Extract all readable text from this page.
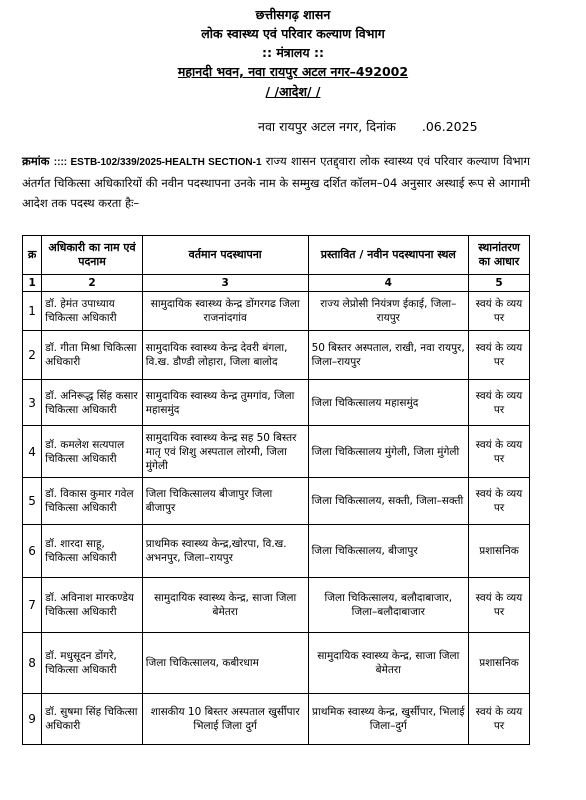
छत्तीसगढ़ शासन
लोक स्वास्थ्य एवं परिवार कल्याण विभाग
:: मंत्रालय ::
महानदी भवन, नवा रायपुर अटल नगर–492002
/ /आदेश/ /
नवा रायपुर अटल नगर, दिनांक .06.2025
क्रमांक :::: ESTB-102/339/2025-HEALTH SECTION-1 राज्य शासन एतद्द्वारा लोक स्वास्थ्य एवं परिवार कल्याण विभाग अंतर्गत चिकित्सा अधिकारियों की नवीन पदस्थापना उनके नाम के सम्मुख दर्शित कॉलम–04 अनुसार अस्थाई रूप से आगामी आदेश तक पदस्थ करता हैः–
क्र	अधिकारी का नाम एवं पदनाम	वर्तमान पदस्थापना	प्रस्तावित / नवीन पदस्थापना स्थल	स्थानांतरण का आधार
1	2	3	4	5
1	डॉ. हेमंत उपाध्याय चिकित्सा अधिकारी	सामुदायिक स्वास्थ्य केन्द्र डोंगरगढ जिला राजनांदगांव	राज्य लेप्रोसी नियंत्रण ईकाई, जिला–रायपुर	स्वयं के व्यय पर
2	डॉ. गीता मिश्रा चिकित्सा अधिकारी	सामुदायिक स्वास्थ्य केन्द्र देवरी बंगला, वि.ख. डौण्डी लोहारा, जिला बालोद	50 बिस्तर अस्पताल, राखी, नवा रायपुर, जिला–रायपुर	स्वयं के व्यय पर
3	डॉ. अनिरूद्ध सिंह कसार चिकित्सा अधिकारी	सामुदायिक स्वास्थ्य केन्द्र तुमगांव, जिला महासमुंद	जिला चिकित्सालय महासमुंद	स्वयं के व्यय पर
4	डॉ. कमलेश सत्यपाल चिकित्सा अधिकारी	सामुदायिक स्वास्थ्य केन्द्र सह 50 बिस्तर मातृ एवं शिशु अस्पताल लोरमी, जिला मुंगेली	जिला चिकित्सालय मुंगेली, जिला मुंगेली	स्वयं के व्यय पर
5	डॉ. विकास कुमार गवेल चिकित्सा अधिकारी	जिला चिकित्सालय बीजापुर जिला बीजापुर	जिला चिकित्सालय, सक्ती, जिला–सक्ती	स्वयं के व्यय पर
6	डॉ. शारदा साहू, चिकित्सा अधिकारी	प्राथमिक स्वास्थ्य केन्द्र,खोरपा, वि.ख. अभनपुर, जिला–रायपुर	जिला चिकित्सालय, बीजापुर	प्रशासनिक
7	डॉ. अविनाश मारकण्डेय चिकित्सा अधिकारी	सामुदायिक स्वास्थ्य केन्द्र, साजा जिला बेमेतरा	जिला चिकित्सालय, बलौदाबाजार, जिला–बलौदाबाजार	स्वयं के व्यय पर
8	डॉ. मधुसूदन डोंगरे, चिकित्सा अधिकारी	जिला चिकित्सालय, कबीरधाम	सामुदायिक स्वास्थ्य केन्द्र, साजा जिला बेमेतरा	प्रशासनिक
9	डॉ. सुषमा सिंह चिकित्सा अधिकारी	शासकीय 10 बिस्तर अस्पताल खुर्सीपार भिलाई जिला दुर्ग	प्राथमिक स्वास्थ्य केन्द्र, खुर्सीपार, भिलाई जिला–दुर्ग	स्वयं के व्यय पर
